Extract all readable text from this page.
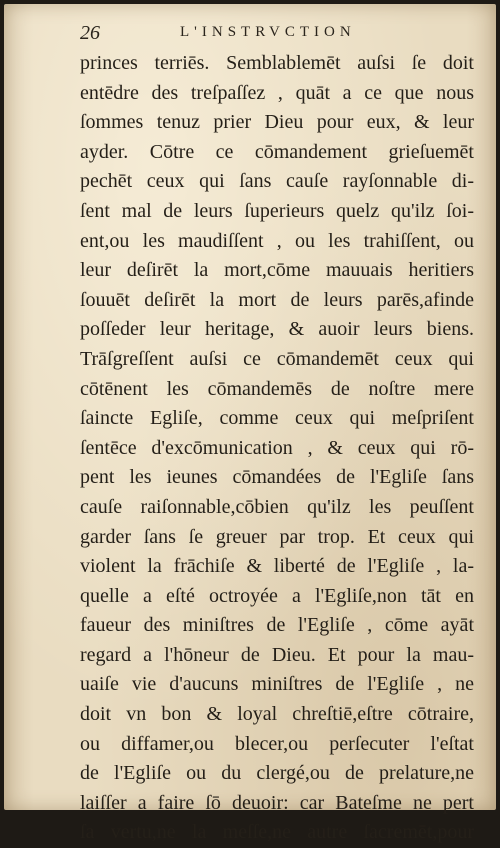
26	L'INSTRVCTION
princes terriēs. Semblablemēt auſsi ſe doit
entēdre des treſpaſſez , quāt a ce que nous
ſommes tenuz prier Dieu pour eux, & leur
ayder. Cōtre ce cōmandement grieſuemēt
pechēt ceux qui ſans cauſe rayſonnable di-
ſent mal de leurs ſuperieurs quelz qu'ilz ſoi-
ent,ou les maudiſſent , ou les trahiſſent, ou
leur deſirēt la mort,cōme mauuais heritiers
ſouuēt deſirēt la mort de leurs parēs,afinde
poſſeder leur heritage, & auoir leurs biens.
Trāſgreſſent auſsi ce cōmandemēt ceux qui
cōtēnent les cōmandemēs de noſtre mere
ſaincte Egliſe, comme ceux qui meſpriſent
ſentēce d'excōmunication , & ceux qui rō-
pent les ieunes cōmandées de l'Egliſe ſans
cauſe raiſonnable,cōbien qu'ilz les peuſſent
garder ſans ſe greuer par trop. Et ceux qui
violent la frāchiſe & liberté de l'Egliſe , la-
quelle a eſté octroyée a l'Egliſe,non tāt en
faueur des miniſtres de l'Egliſe , cōme ayāt
regard a l'hōneur de Dieu. Et pour la mau-
uaiſe vie d'aucuns miniſtres de l'Egliſe , ne
doit vn bon & loyal chreſtiē,eſtre cōtraire,
ou diffamer,ou blecer,ou perſecuter l'eſtat
de l'Egliſe ou du clergé,ou de prelature,ne
laiſſer a faire ſō deuoir: car Bateſme ne pert
ſa vertu,ne la meſſe,ne autre ſacremēt,pour
